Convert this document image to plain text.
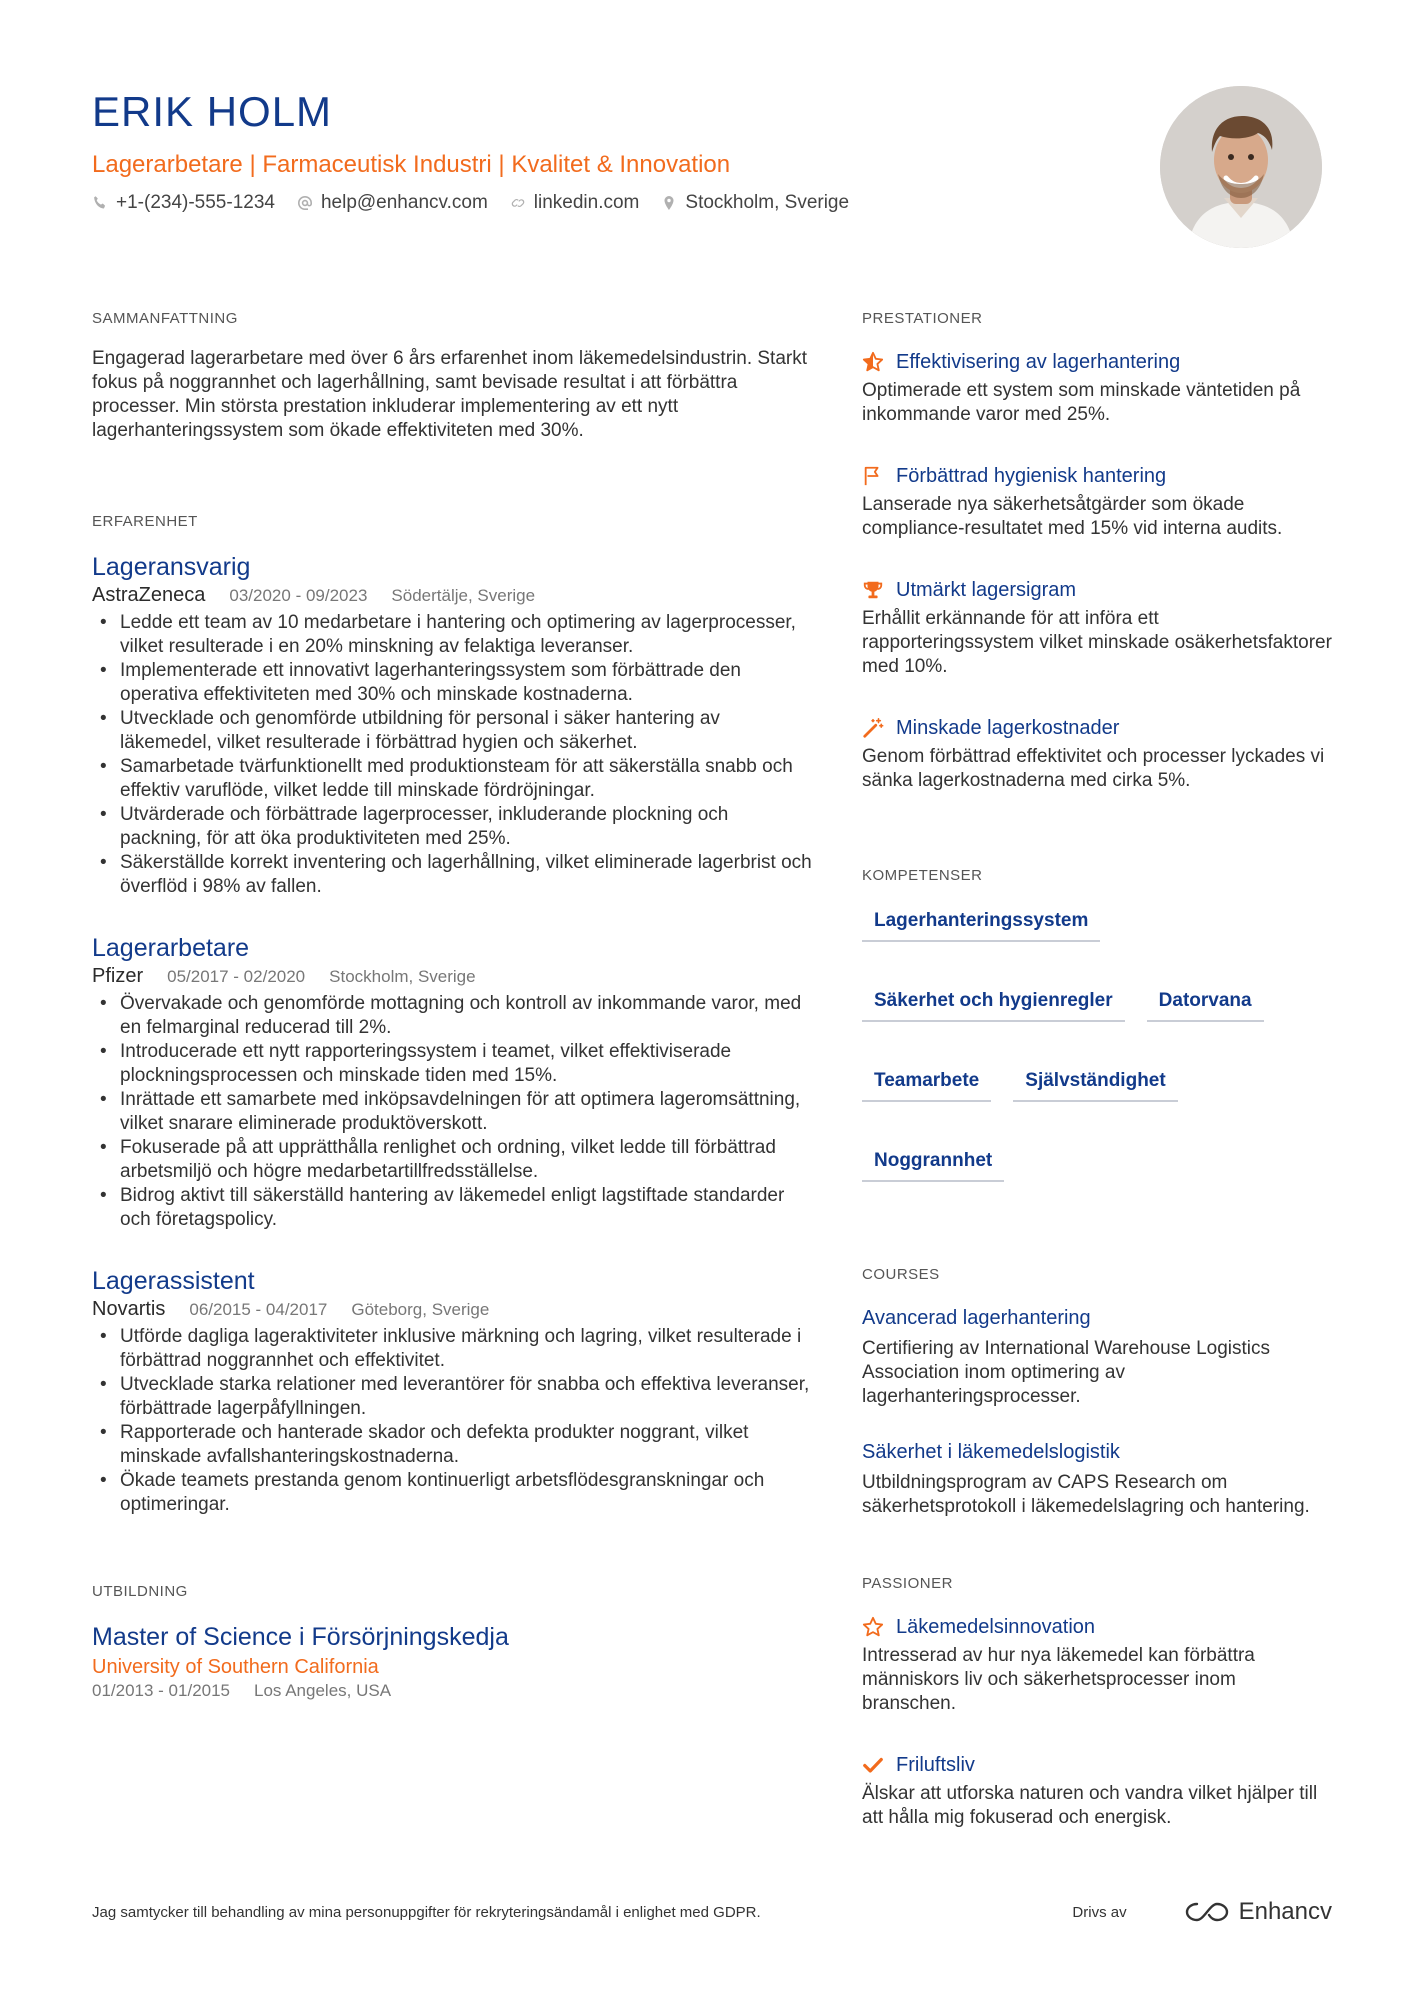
ERIK HOLM
Lagerarbetare | Farmaceutisk Industri | Kvalitet & Innovation
+1-(234)-555-1234 help@enhancv.com linkedin.com Stockholm, Sverige
SAMMANFATTNING
Engagerad lagerarbetare med över 6 års erfarenhet inom läkemedelsindustrin. Starkt fokus på noggrannhet och lagerhållning, samt bevisade resultat i att förbättra processer. Min största prestation inkluderar implementering av ett nytt lagerhanteringssystem som ökade effektiviteten med 30%.
ERFARENHET
Lageransvarig
AstraZeneca 03/2020 - 09/2023 Södertälje, Sverige
• Ledde ett team av 10 medarbetare i hantering och optimering av lagerprocesser, vilket resulterade i en 20% minskning av felaktiga leveranser.
• Implementerade ett innovativt lagerhanteringssystem som förbättrade den operativa effektiviteten med 30% och minskade kostnaderna.
• Utvecklade och genomförde utbildning för personal i säker hantering av läkemedel, vilket resulterade i förbättrad hygien och säkerhet.
• Samarbetade tvärfunktionellt med produktionsteam för att säkerställa snabb och effektiv varuflöde, vilket ledde till minskade fördröjningar.
• Utvärderade och förbättrade lagerprocesser, inkluderande plockning och packning, för att öka produktiviteten med 25%.
• Säkerställde korrekt inventering och lagerhållning, vilket eliminerade lagerbrist och överflöd i 98% av fallen.
Lagerarbetare
Pfizer 05/2017 - 02/2020 Stockholm, Sverige
• Övervakade och genomförde mottagning och kontroll av inkommande varor, med en felmarginal reducerad till 2%.
• Introducerade ett nytt rapporteringssystem i teamet, vilket effektiviserade plockningsprocessen och minskade tiden med 15%.
• Inrättade ett samarbete med inköpsavdelningen för att optimera lageromsättning, vilket snarare eliminerade produktöverskott.
• Fokuserade på att upprätthålla renlighet och ordning, vilket ledde till förbättrad arbetsmiljö och högre medarbetartillfredsställelse.
• Bidrog aktivt till säkerställd hantering av läkemedel enligt lagstiftade standarder och företagspolicy.
Lagerassistent
Novartis 06/2015 - 04/2017 Göteborg, Sverige
• Utförde dagliga lageraktiviteter inklusive märkning och lagring, vilket resulterade i förbättrad noggrannhet och effektivitet.
• Utvecklade starka relationer med leverantörer för snabba och effektiva leveranser, förbättrade lagerpåfyllningen.
• Rapporterade och hanterade skador och defekta produkter noggrant, vilket minskade avfallshanteringskostnaderna.
• Ökade teamets prestanda genom kontinuerligt arbetsflödesgranskningar och optimeringar.
UTBILDNING
Master of Science i Försörjningskedja
University of Southern California
01/2013 - 01/2015 Los Angeles, USA
PRESTATIONER
Effektivisering av lagerhantering
Optimerade ett system som minskade väntetiden på inkommande varor med 25%.
Förbättrad hygienisk hantering
Lanserade nya säkerhetsåtgärder som ökade compliance-resultatet med 15% vid interna audits.
Utmärkt lagersigram
Erhållit erkännande för att införa ett rapporteringssystem vilket minskade osäkerhetsfaktorer med 10%.
Minskade lagerkostnader
Genom förbättrad effektivitet och processer lyckades vi sänka lagerkostnaderna med cirka 5%.
KOMPETENSER
Lagerhanteringssystem
Säkerhet och hygienregler	Datorvana
Teamarbete	Självständighet
Noggrannhet
COURSES
Avancerad lagerhantering
Certifiering av International Warehouse Logistics Association inom optimering av lagerhanteringsprocesser.
Säkerhet i läkemedelslogistik
Utbildningsprogram av CAPS Research om säkerhetsprotokoll i läkemedelslagring och hantering.
PASSIONER
Läkemedelsinnovation
Intresserad av hur nya läkemedel kan förbättra människors liv och säkerhetsprocesser inom branschen.
Friluftsliv
Älskar att utforska naturen och vandra vilket hjälper till att hålla mig fokuserad och energisk.
Jag samtycker till behandling av mina personuppgifter för rekryteringsändamål i enlighet med GDPR.	Drivs av	Enhancv
